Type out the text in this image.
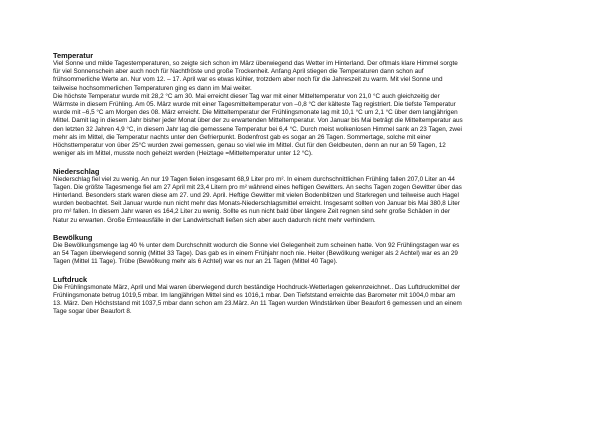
Temperatur

Viel Sonne und milde Tagestemperaturen, so zeigte sich schon im März überwiegend das Wetter im Hinterland. Der oftmals klare Himmel sorgte
für viel Sonnenschein aber auch noch für Nachtfröste und große Trockenheit. Anfang April stiegen die Temperaturen dann schon auf
frühsommerliche Werte an. Nur vom 12. – 17. April war es etwas kühler, trotzdem aber noch für die Jahreszeit zu warm. Mit viel Sonne und
teilweise hochsommerlichen Temperaturen ging es dann im Mai weiter.
Die höchste Temperatur wurde mit 28,2 °C am 30. Mai erreicht dieser Tag war mit einer Mitteltemperatur von 21,0 °C auch gleichzeitig der
Wärmste in diesem Frühling. Am 05. März wurde mit einer Tagesmitteltemperatur von –0,8 °C der kälteste Tag registriert. Die tiefste Temperatur
wurde mit –6,5 °C am Morgen des 08. März erreicht. Die Mitteltemperatur der Frühlingsmonate lag mit 10,1 °C um 2,1 °C über dem langjährigen
Mittel. Damit lag in diesem Jahr bisher jeder Monat über der zu erwartenden Mitteltemperatur. Von Januar bis Mai beträgt die Mitteltemperatur aus
den letzten 32 Jahren 4,9 °C, in diesem Jahr lag die gemessene Temperatur bei 6,4 °C. Durch meist wolkenlosen Himmel sank an 23 Tagen, zwei
mehr als im Mittel, die Temperatur nachts unter den Gefrierpunkt. Bodenfrost gab es sogar an 26 Tagen. Sommertage, solche mit einer
Höchsttemperatur von über 25°C wurden zwei gemessen, genau so viel wie im Mittel. Gut für den Geldbeuten, denn an nur an 59 Tagen, 12
weniger als im Mittel, musste noch geheizt werden (Heiztage =Mitteltemperatur unter 12 °C).

Niederschlag

Niederschlag fiel viel zu wenig. An nur 19 Tagen fielen insgesamt 68,9 Liter pro m². In einem durchschnittlichen Frühling fallen 207,0 Liter an 44
Tagen. Die größte Tagesmenge fiel am 27 April mit 23,4 Litern pro m² während eines heftigen Gewitters. An sechs Tagen zogen Gewitter über das
Hinterland. Besonders stark waren diese am 27. und 29. April. Heftige Gewitter mit vielen Bodenblitzen und Starkregen und teilweise auch Hagel
wurden beobachtet. Seit Januar wurde nun nicht mehr das Monats-Niederschlagsmittel erreicht. Insgesamt sollten von Januar bis Mai 380,8 Liter
pro m² fallen. In diesem Jahr waren es 164,2 Liter zu wenig. Sollte es nun nicht bald über längere Zeit regnen sind sehr große Schäden in der
Natur zu erwarten. Große Ernteausfälle in der Landwirtschaft ließen sich aber auch dadurch nicht mehr verhindern.

Bewölkung

Die Bewölkungsmenge lag 40 % unter dem Durchschnitt wodurch die Sonne viel Gelegenheit zum scheinen hatte. Von 92 Frühlingstagen war es
an 54 Tagen überwiegend sonnig (Mittel 33 Tage). Das gab es in einem Frühjahr noch nie. Heiter (Bewölkung weniger als 2 Achtel) war es an 29
Tagen (Mittel 11 Tage). Trübe (Bewölkung mehr als 6 Achtel) war es nur an 21 Tagen (Mittel 40 Tage).

Luftdruck

Die Frühlingsmonate März, April und Mai waren überwiegend durch beständige Hochdruck-Wetterlagen gekennzeichnet.. Das Luftdruckmittel der
Frühlingsmonate betrug 1019,5 mbar. Im langjährigen Mittel sind es 1016,1 mbar. Den Tiefststand erreichte das Barometer mit 1004,0 mbar am
13. März. Den Höchststand mit 1037,5 mbar dann schon am 23.März. An 11 Tagen wurden Windstärken über Beaufort 6 gemessen und an einem
Tage sogar über Beaufort 8.
